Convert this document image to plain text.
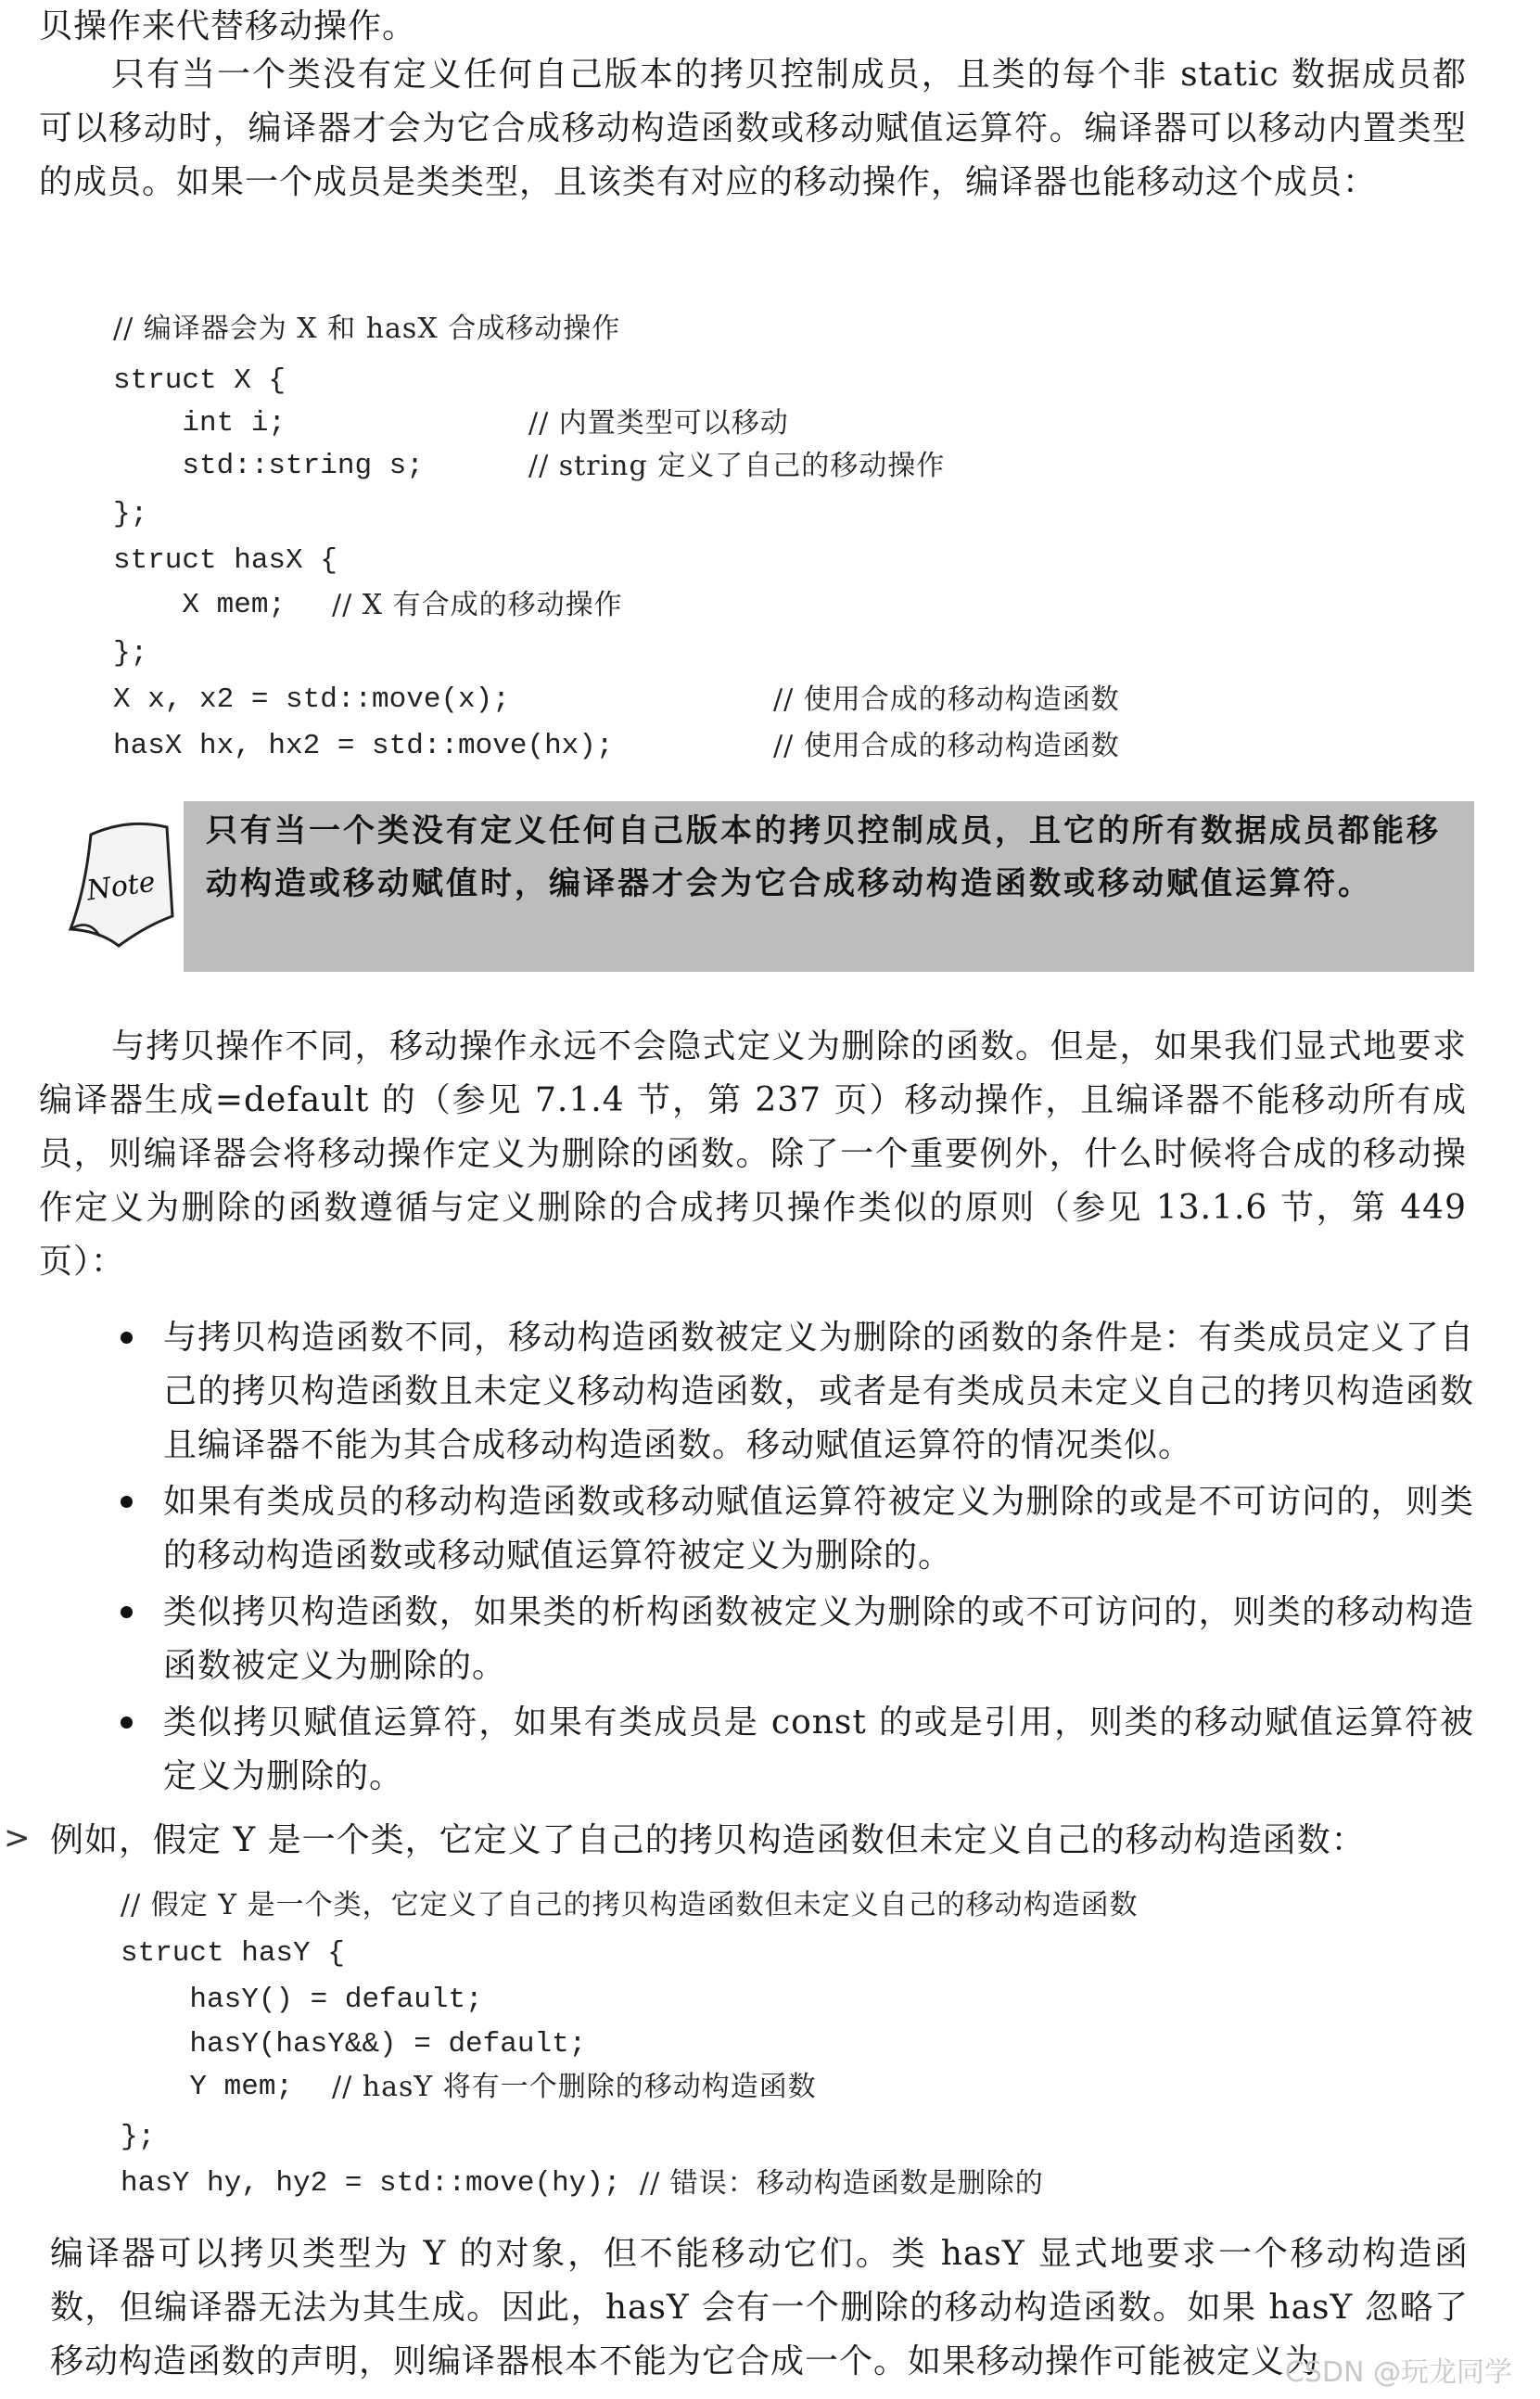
贝操作来代替移动操作。

只有当一个类没有定义任何自己版本的拷贝控制成员，且类的每个非 static 数据成员都可以移动时，编译器才会为它合成移动构造函数或移动赋值运算符。编译器可以移动内置类型的成员。如果一个成员是类类型，且该类有对应的移动操作，编译器也能移动这个成员：

// 编译器会为 X 和 hasX 合成移动操作
struct X {
int i;	// 内置类型可以移动
std::string s;	// string 定义了自己的移动操作
};
struct hasX {
X mem; // X 有合成的移动操作
};
X x, x2 = std::move(x);	// 使用合成的移动构造函数
hasX hx, hx2 = std::move(hx);	// 使用合成的移动构造函数
Note

只有当一个类没有定义任何自己版本的拷贝控制成员，且它的所有数据成员都能移动构造或移动赋值时，编译器才会为它合成移动构造函数或移动赋值运算符。

与拷贝操作不同，移动操作永远不会隐式定义为删除的函数。但是，如果我们显式地要求编译器生成=default 的（参见 7.1.4 节，第 237 页）移动操作，且编译器不能移动所有成员，则编译器会将移动操作定义为删除的函数。除了一个重要例外，什么时候将合成的移动操作定义为删除的函数遵循与定义删除的合成拷贝操作类似的原则（参见 13.1.6 节，第 449 页）：

与拷贝构造函数不同，移动构造函数被定义为删除的函数的条件是：有类成员定义了自己的拷贝构造函数且未定义移动构造函数，或者是有类成员未定义自己的拷贝构造函数且编译器不能为其合成移动构造函数。移动赋值运算符的情况类似。
如果有类成员的移动构造函数或移动赋值运算符被定义为删除的或是不可访问的，则类的移动构造函数或移动赋值运算符被定义为删除的。
类似拷贝构造函数，如果类的析构函数被定义为删除的或不可访问的，则类的移动构造函数被定义为删除的。
类似拷贝赋值运算符，如果有类成员是 const 的或是引用，则类的移动赋值运算符被定义为删除的。
> 例如，假定 Y 是一个类，它定义了自己的拷贝构造函数但未定义自己的移动构造函数：

// 假定 Y 是一个类，它定义了自己的拷贝构造函数但未定义自己的移动构造函数
struct hasY {
hasY() = default;
hasY(hasY&&) = default;
Y mem; // hasY 将有一个删除的移动构造函数
};
hasY hy, hy2 = std::move(hy); // 错误：移动构造函数是删除的

编译器可以拷贝类型为 Y 的对象，但不能移动它们。类 hasY 显式地要求一个移动构造函数，但编译器无法为其生成。因此，hasY 会有一个删除的移动构造函数。如果 hasY 忽略了移动构造函数的声明，则编译器根本不能为它合成一个。如果移动操作可能被定义为

CSDN @玩龙同学
